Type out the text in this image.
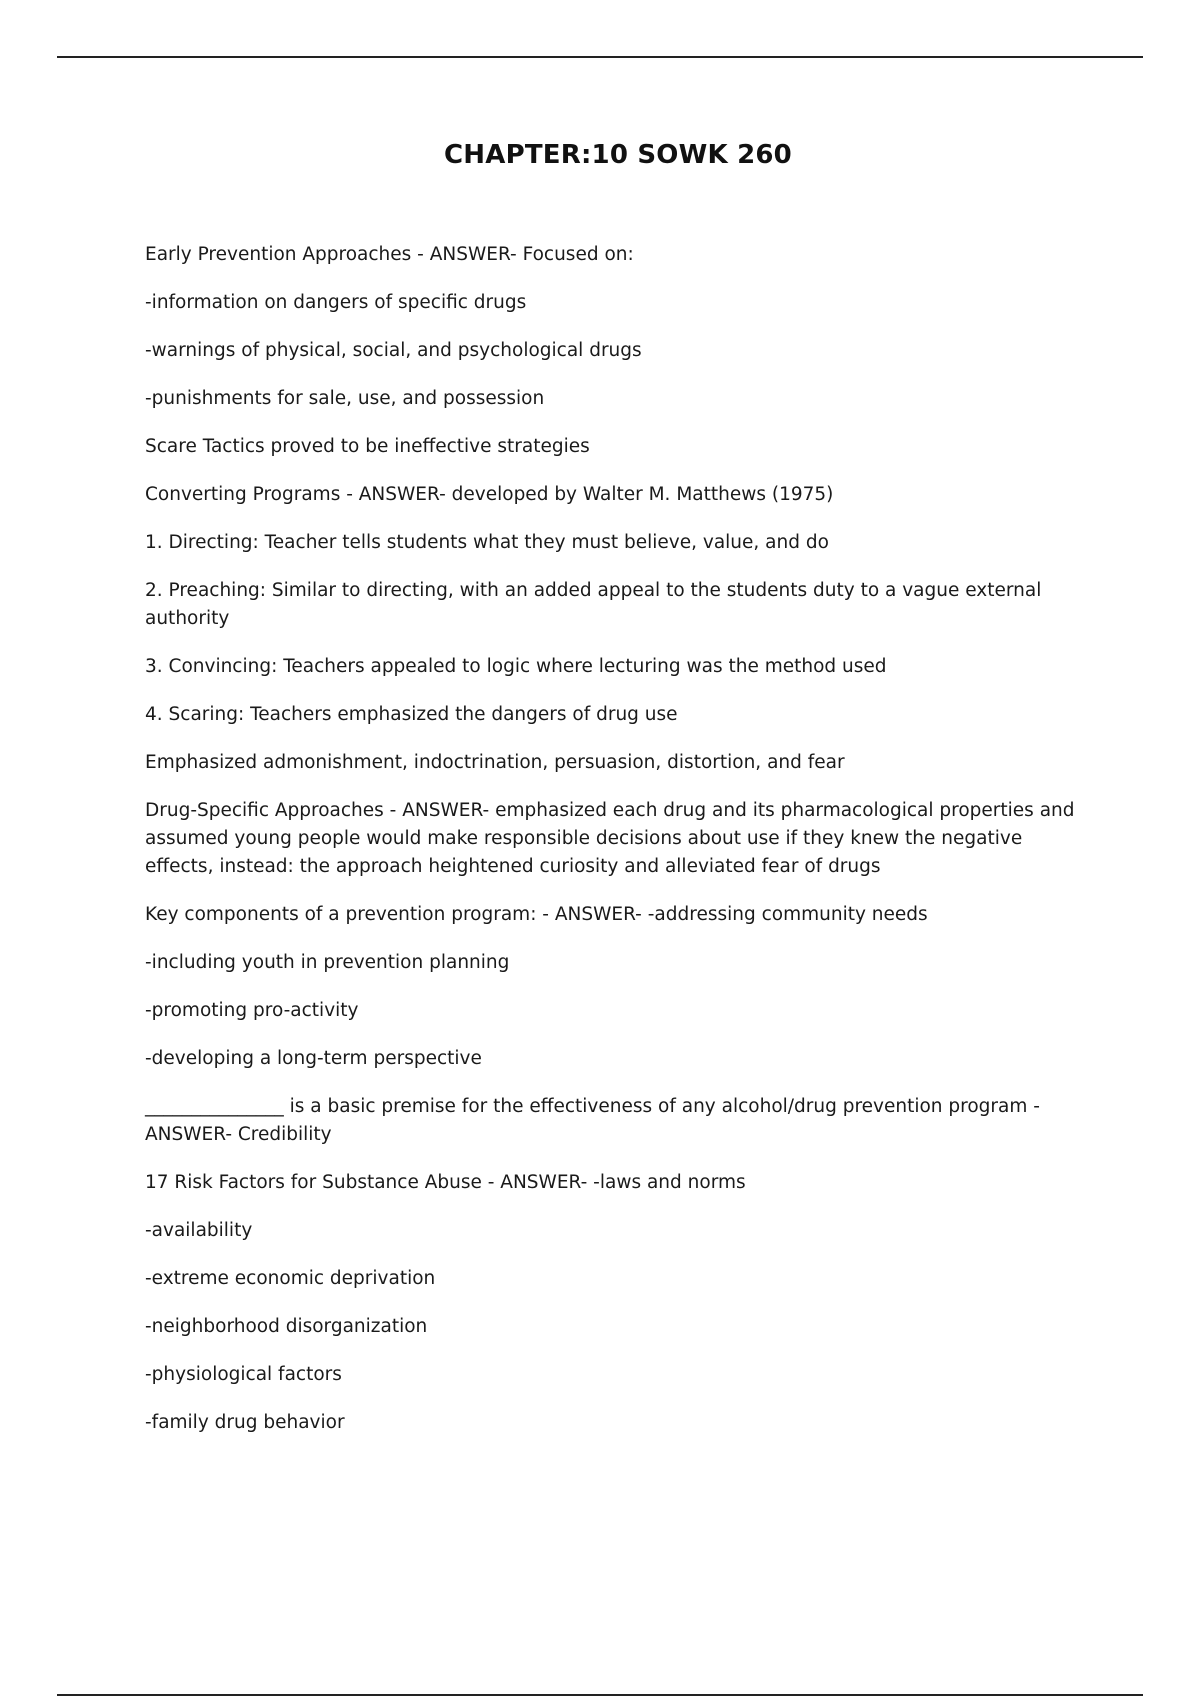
CHAPTER:10 SOWK 260

Early Prevention Approaches - ANSWER- Focused on:

-information on dangers of specific drugs

-warnings of physical, social, and psychological drugs

-punishments for sale, use, and possession

Scare Tactics proved to be ineffective strategies

Converting Programs - ANSWER- developed by Walter M. Matthews (1975)

1. Directing: Teacher tells students what they must believe, value, and do

2. Preaching: Similar to directing, with an added appeal to the students duty to a vague external authority

3. Convincing: Teachers appealed to logic where lecturing was the method used

4. Scaring: Teachers emphasized the dangers of drug use

Emphasized admonishment, indoctrination, persuasion, distortion, and fear

Drug-Specific Approaches - ANSWER- emphasized each drug and its pharmacological properties and assumed young people would make responsible decisions about use if they knew the negative effects, instead: the approach heightened curiosity and alleviated fear of drugs

Key components of a prevention program: - ANSWER- -addressing community needs

-including youth in prevention planning

-promoting pro-activity

-developing a long-term perspective

_______________ is a basic premise for the effectiveness of any alcohol/drug prevention program - ANSWER- Credibility

17 Risk Factors for Substance Abuse - ANSWER- -laws and norms

-availability

-extreme economic deprivation

-neighborhood disorganization

-physiological factors

-family drug behavior
